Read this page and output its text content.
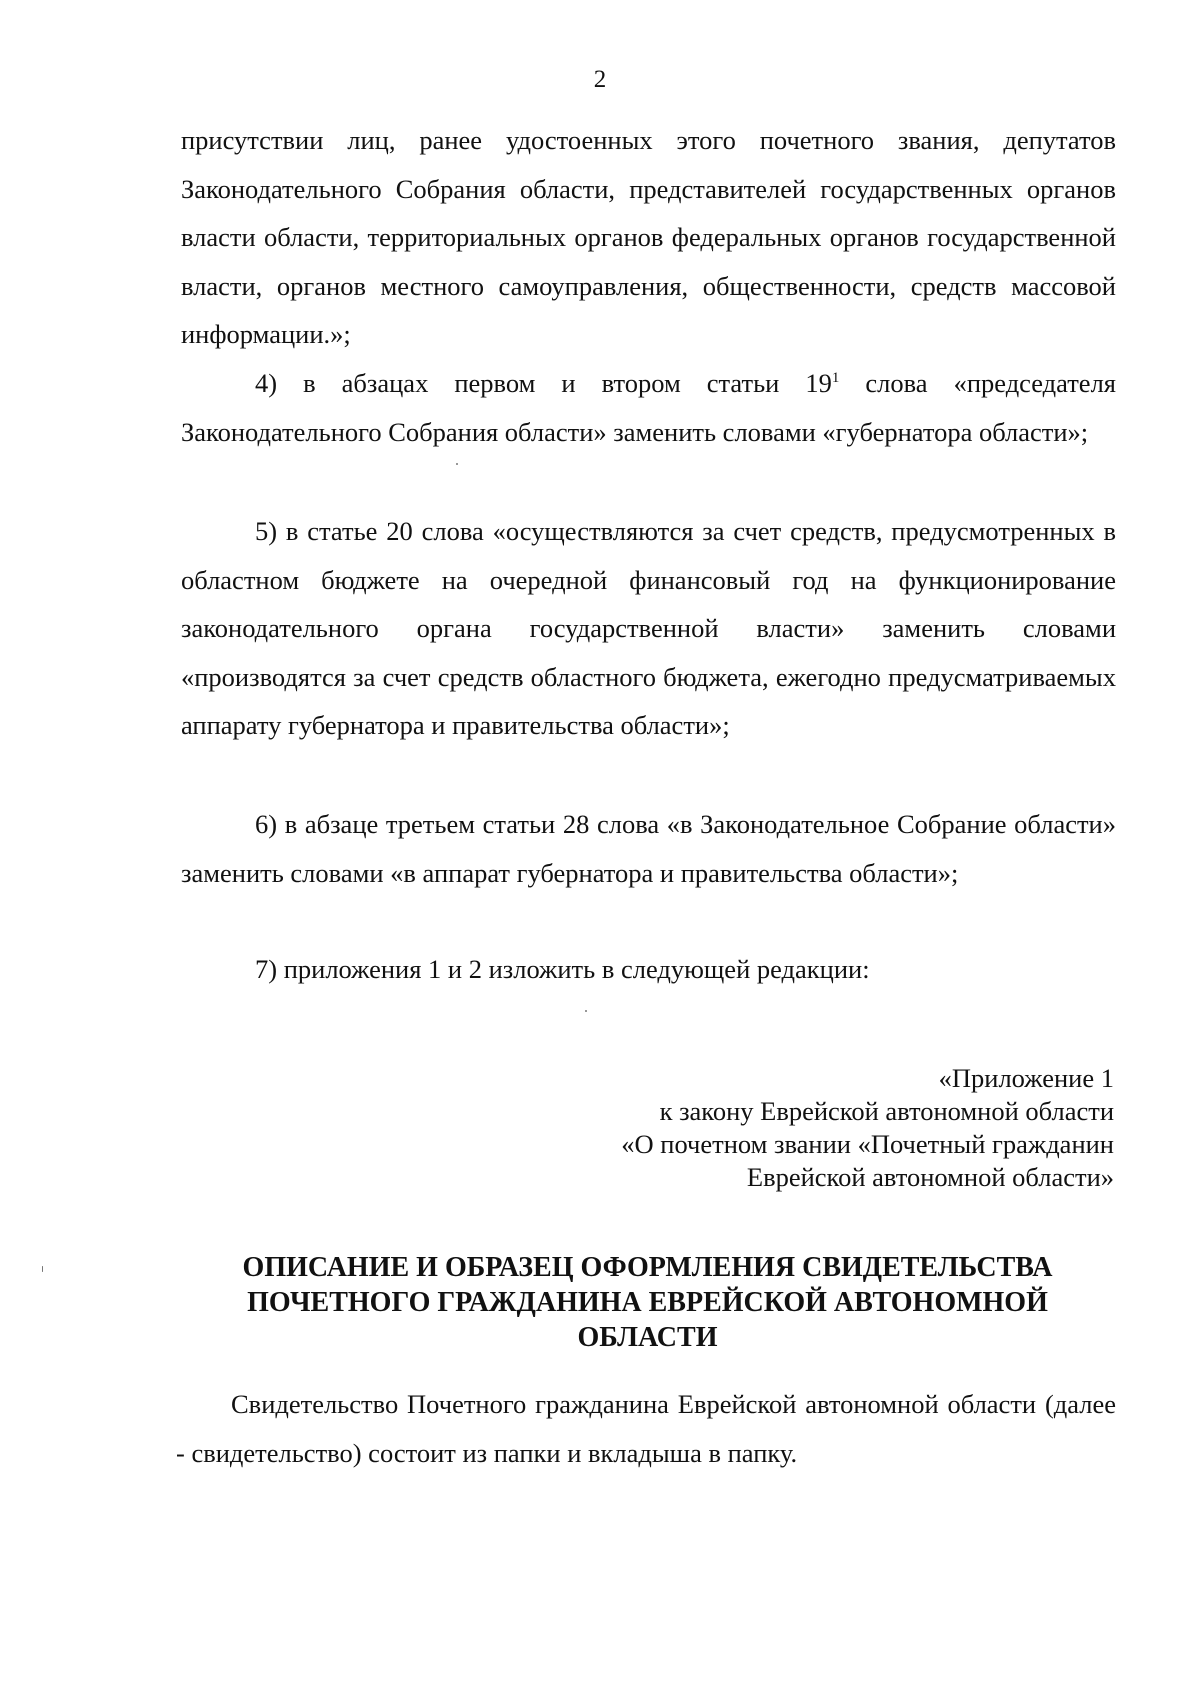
2

присутствии лиц, ранее удостоенных этого почетного звания, депутатов Законодательного Собрания области, представителей государственных органов власти области, территориальных органов федеральных органов государственной власти, органов местного самоуправления, общественности, средств массовой информации.»;

4) в абзацах первом и втором статьи $19^1$ слова «председателя Законодательного Собрания области» заменить словами «губернатора области»;

5) в статье 20 слова «осуществляются за счет средств, предусмотренных в областном бюджете на очередной финансовый год на функционирование законодательного органа государственной власти» заменить словами «производятся за счет средств областного бюджета, ежегодно предусматриваемых аппарату губернатора и правительства области»;

6) в абзаце третьем статьи 28 слова «в Законодательное Собрание области» заменить словами «в аппарат губернатора и правительства области»;

7) приложения 1 и 2 изложить в следующей редакции:

«Приложение 1
к закону Еврейской автономной области
«О почетном звании «Почетный гражданин
Еврейской автономной области»
ОПИСАНИЕ И ОБРАЗЕЦ ОФОРМЛЕНИЯ СВИДЕТЕЛЬСТВА
ПОЧЕТНОГО ГРАЖДАНИНА ЕВРЕЙСКОЙ АВТОНОМНОЙ
ОБЛАСТИ

Свидетельство Почетного гражданина Еврейской автономной области (далее - свидетельство) состоит из папки и вкладыша в папку.
